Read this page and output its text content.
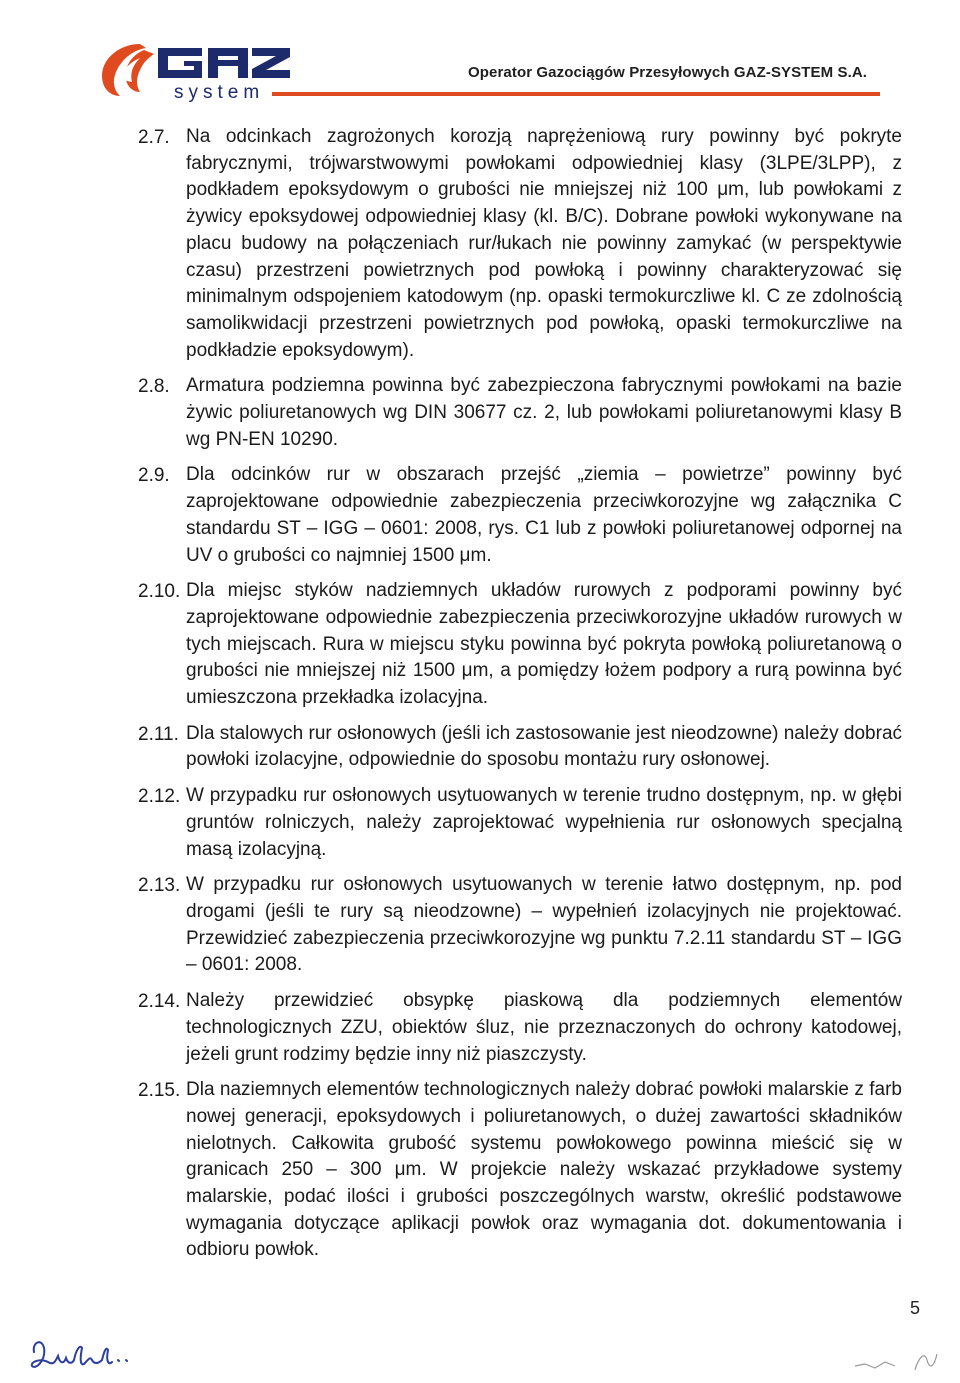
system
Operator Gazociągów Przesyłowych GAZ-SYSTEM S.A.
2.7. Na odcinkach zagrożonych korozją naprężeniową rury powinny być pokryte fabrycznymi, trójwarstwowymi powłokami odpowiedniej klasy (3LPE/3LPP), z podkładem epoksydowym o grubości nie mniejszej niż 100 μm, lub powłokami z żywicy epoksydowej odpowiedniej klasy (kl. B/C). Dobrane powłoki wykonywane na placu budowy na połączeniach rur/łukach nie powinny zamykać (w perspektywie czasu) przestrzeni powietrznych pod powłoką i powinny charakteryzować się minimalnym odspojeniem katodowym (np. opaski termokurczliwe kl. C ze zdolnością samolikwidacji przestrzeni powietrznych pod powłoką, opaski termokurczliwe na podkładzie epoksydowym).
2.8. Armatura podziemna powinna być zabezpieczona fabrycznymi powłokami na bazie żywic poliuretanowych wg DIN 30677 cz. 2, lub powłokami poliuretanowymi klasy B wg PN-EN 10290.
2.9. Dla odcinków rur w obszarach przejść „ziemia – powietrze” powinny być zaprojektowane odpowiednie zabezpieczenia przeciwkorozyjne wg załącznika C standardu ST – IGG – 0601: 2008, rys. C1 lub z powłoki poliuretanowej odpornej na UV o grubości co najmniej 1500 μm.
2.10. Dla miejsc styków nadziemnych układów rurowych z podporami powinny być zaprojektowane odpowiednie zabezpieczenia przeciwkorozyjne układów rurowych w tych miejscach. Rura w miejscu styku powinna być pokryta powłoką poliuretanową o grubości nie mniejszej niż 1500 μm, a pomiędzy łożem podpory a rurą powinna być umieszczona przekładka izolacyjna.
2.11. Dla stalowych rur osłonowych (jeśli ich zastosowanie jest nieodzowne) należy dobrać powłoki izolacyjne, odpowiednie do sposobu montażu rury osłonowej.
2.12. W przypadku rur osłonowych usytuowanych w terenie trudno dostępnym, np. w głębi gruntów rolniczych, należy zaprojektować wypełnienia rur osłonowych specjalną masą izolacyjną.
2.13. W przypadku rur osłonowych usytuowanych w terenie łatwo dostępnym, np. pod drogami (jeśli te rury są nieodzowne) – wypełnień izolacyjnych nie projektować. Przewidzieć zabezpieczenia przeciwkorozyjne wg punktu 7.2.11 standardu ST – IGG – 0601: 2008.
2.14. Należy przewidzieć obsypkę piaskową dla podziemnych elementów technologicznych ZZU, obiektów śluz, nie przeznaczonych do ochrony katodowej, jeżeli grunt rodzimy będzie inny niż piaszczysty.
2.15. Dla naziemnych elementów technologicznych należy dobrać powłoki malarskie z farb nowej generacji, epoksydowych i poliuretanowych, o dużej zawartości składników nielotnych. Całkowita grubość systemu powłokowego powinna mieścić się w granicach 250 – 300 μm. W projekcie należy wskazać przykładowe systemy malarskie, podać ilości i grubości poszczególnych warstw, określić podstawowe wymagania dotyczące aplikacji powłok oraz wymagania dot. dokumentowania i odbioru powłok.
5
